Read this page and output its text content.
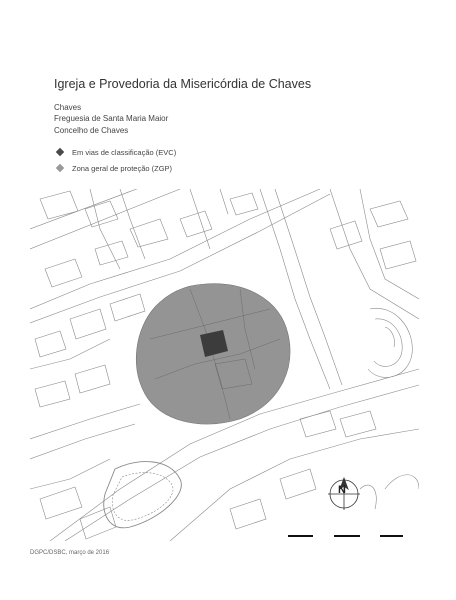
Igreja e Provedoria da Misericórdia de Chaves
Chaves
Freguesia de Santa Maria Maior
Concelho de Chaves
Em vias de classificação (EVC)
Zona geral de proteção (ZGP)
N
DGPC/DSBC, março de 2016
